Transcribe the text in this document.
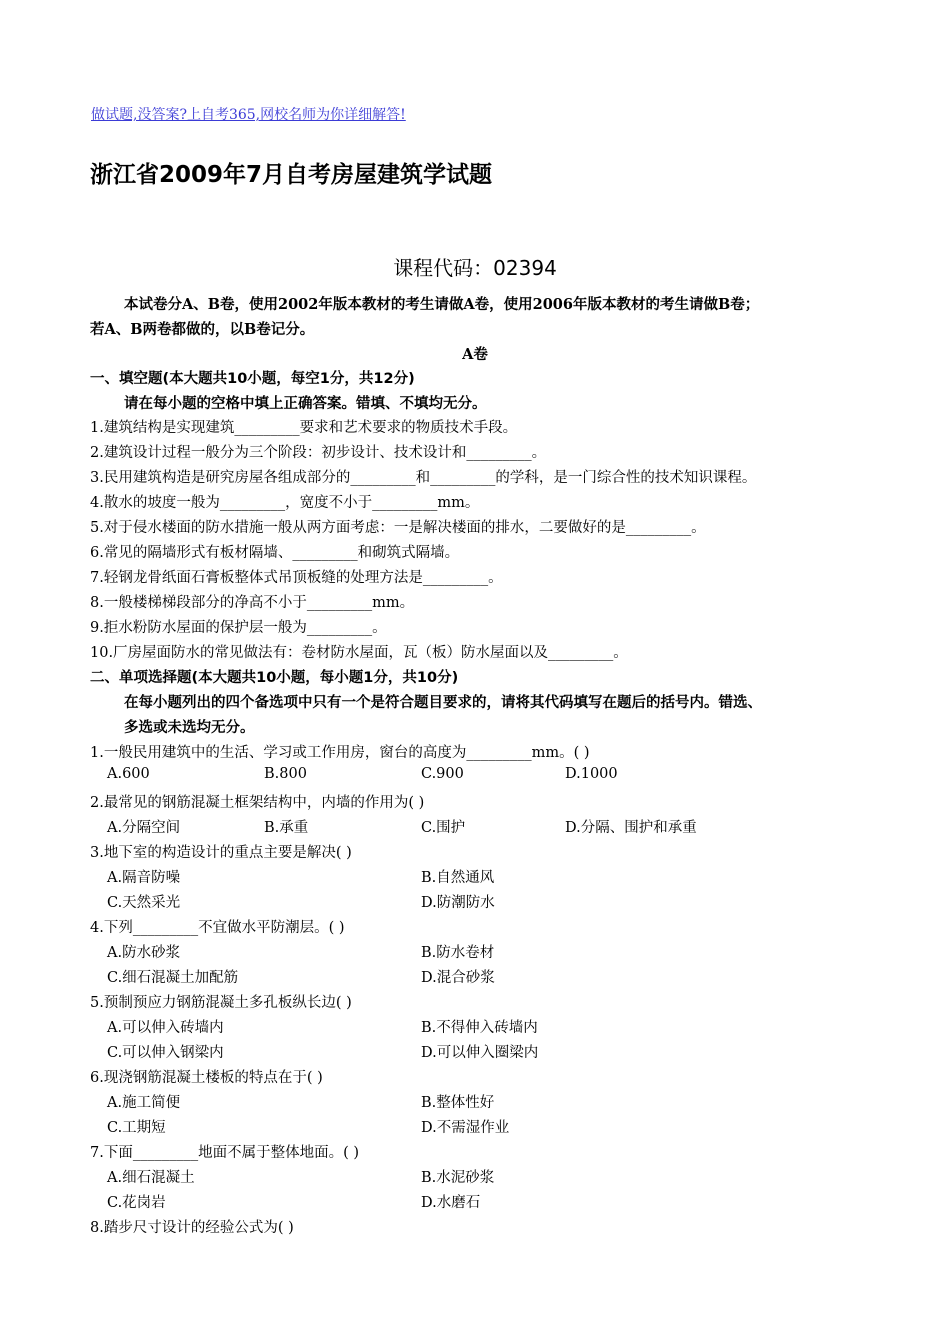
做试题,没答案?上自考365,网校名师为你详细解答!
浙江省2009年7月自考房屋建筑学试题
课程代码：02394
本试卷分A、B卷，使用2002年版本教材的考生请做A卷，使用2006年版本教材的考生请做B卷；
若A、B两卷都做的，以B卷记分。
A卷
一、填空题(本大题共10小题，每空1分，共12分)
请在每小题的空格中填上正确答案。错填、不填均无分。
1.建筑结构是实现建筑_________要求和艺术要求的物质技术手段。
2.建筑设计过程一般分为三个阶段：初步设计、技术设计和_________。
3.民用建筑构造是研究房屋各组成部分的_________和_________的学科，是一门综合性的技术知识课程。
4.散水的坡度一般为_________，宽度不小于_________mm。
5.对于侵水楼面的防水措施一般从两方面考虑：一是解决楼面的排水，二要做好的是_________。
6.常见的隔墙形式有板材隔墙、_________和砌筑式隔墙。
7.轻钢龙骨纸面石膏板整体式吊顶板缝的处理方法是_________。
8.一般楼梯梯段部分的净高不小于_________mm。
9.拒水粉防水屋面的保护层一般为_________。
10.厂房屋面防水的常见做法有：卷材防水屋面，瓦（板）防水屋面以及_________。
二、单项选择题(本大题共10小题，每小题1分，共10分)
在每小题列出的四个备选项中只有一个是符合题目要求的，请将其代码填写在题后的括号内。错选、
多选或未选均无分。
1.一般民用建筑中的生活、学习或工作用房，窗台的高度为_________mm。( )
A.600	B.800	C.900	D.1000
2.最常见的钢筋混凝土框架结构中，内墙的作用为( )
A.分隔空间	B.承重	C.围护	D.分隔、围护和承重
3.地下室的构造设计的重点主要是解决( )
A.隔音防噪	B.自然通风
C.天然采光	D.防潮防水
4.下列_________不宜做水平防潮层。( )
A.防水砂浆	B.防水卷材
C.细石混凝土加配筋	D.混合砂浆
5.预制预应力钢筋混凝土多孔板纵长边( )
A.可以伸入砖墙内	B.不得伸入砖墙内
C.可以伸入钢梁内	D.可以伸入圈梁内
6.现浇钢筋混凝土楼板的特点在于( )
A.施工简便	B.整体性好
C.工期短	D.不需湿作业
7.下面_________地面不属于整体地面。( )
A.细石混凝土	B.水泥砂浆
C.花岗岩	D.水磨石
8.踏步尺寸设计的经验公式为( )
